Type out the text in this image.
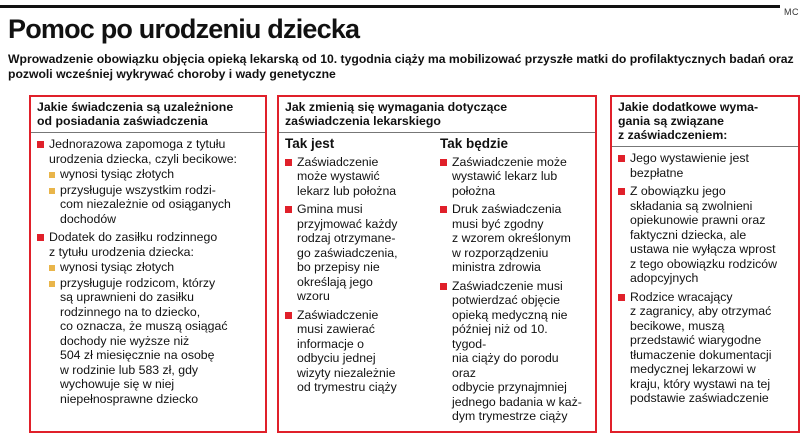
MC
Pomoc po urodzeniu dziecka
Wprowadzenie obowiązku objęcia opieką lekarską od 10. tygodnia ciąży ma mobilizować przyszłe matki do profilaktycznych badań oraz pozwoli wcześniej wykrywać choroby i wady genetyczne
Jakie świadczenia są uzależnione
od posiadania zaświadczenia
Jednorazowa zapomoga z tytułu
urodzenia dziecka, czyli becikowe:
wynosi tysiąc złotych
przysługuje wszystkim rodzi-
com niezależnie od osiąganych
dochodów
Dodatek do zasiłku rodzinnego
z tytułu urodzenia dziecka:
wynosi tysiąc złotych
przysługuje rodzicom, którzy
są uprawnieni do zasiłku
rodzinnego na to dziecko,
co oznacza, że muszą osiągać
dochody nie wyższe niż
504 zł miesięcznie na osobę
w rodzinie lub 583 zł, gdy
wychowuje się w niej
niepełnosprawne dziecko
Jak zmienią się wymagania dotyczące
zaświadczenia lekarskiego
Tak jest
Zaświadczenie
może wystawić
lekarz lub położna
Gmina musi
przyjmować każdy
rodzaj otrzymane-
go zaświadczenia,
bo przepisy nie
określają jego
wzoru
Zaświadczenie
musi zawierać
informacje o
odbyciu jednej
wizyty niezależnie
od trymestru ciąży
Tak będzie
Zaświadczenie może
wystawić lekarz lub
położna
Druk zaświadczenia
musi być zgodny
z wzorem określonym
w rozporządzeniu
ministra zdrowia
Zaświadczenie musi
potwierdzać objęcie
opieką medyczną nie
później niż od 10. tygod-
nia ciąży do porodu oraz
odbycie przynajmniej
jednego badania w każ-
dym trymestrze ciąży
Jakie dodatkowe wyma-
gania są związane
z zaświadczeniem:
Jego wystawienie jest
bezpłatne
Z obowiązku jego
składania są zwolnieni
opiekunowie prawni oraz
faktyczni dziecka, ale
ustawa nie wyłącza wprost
z tego obowiązku rodziców
adopcyjnych
Rodzice wracający
z zagranicy, aby otrzymać
becikowe, muszą
przedstawić wiarygodne
tłumaczenie dokumentacji
medycznej lekarzowi w
kraju, który wystawi na tej
podstawie zaświadczenie
